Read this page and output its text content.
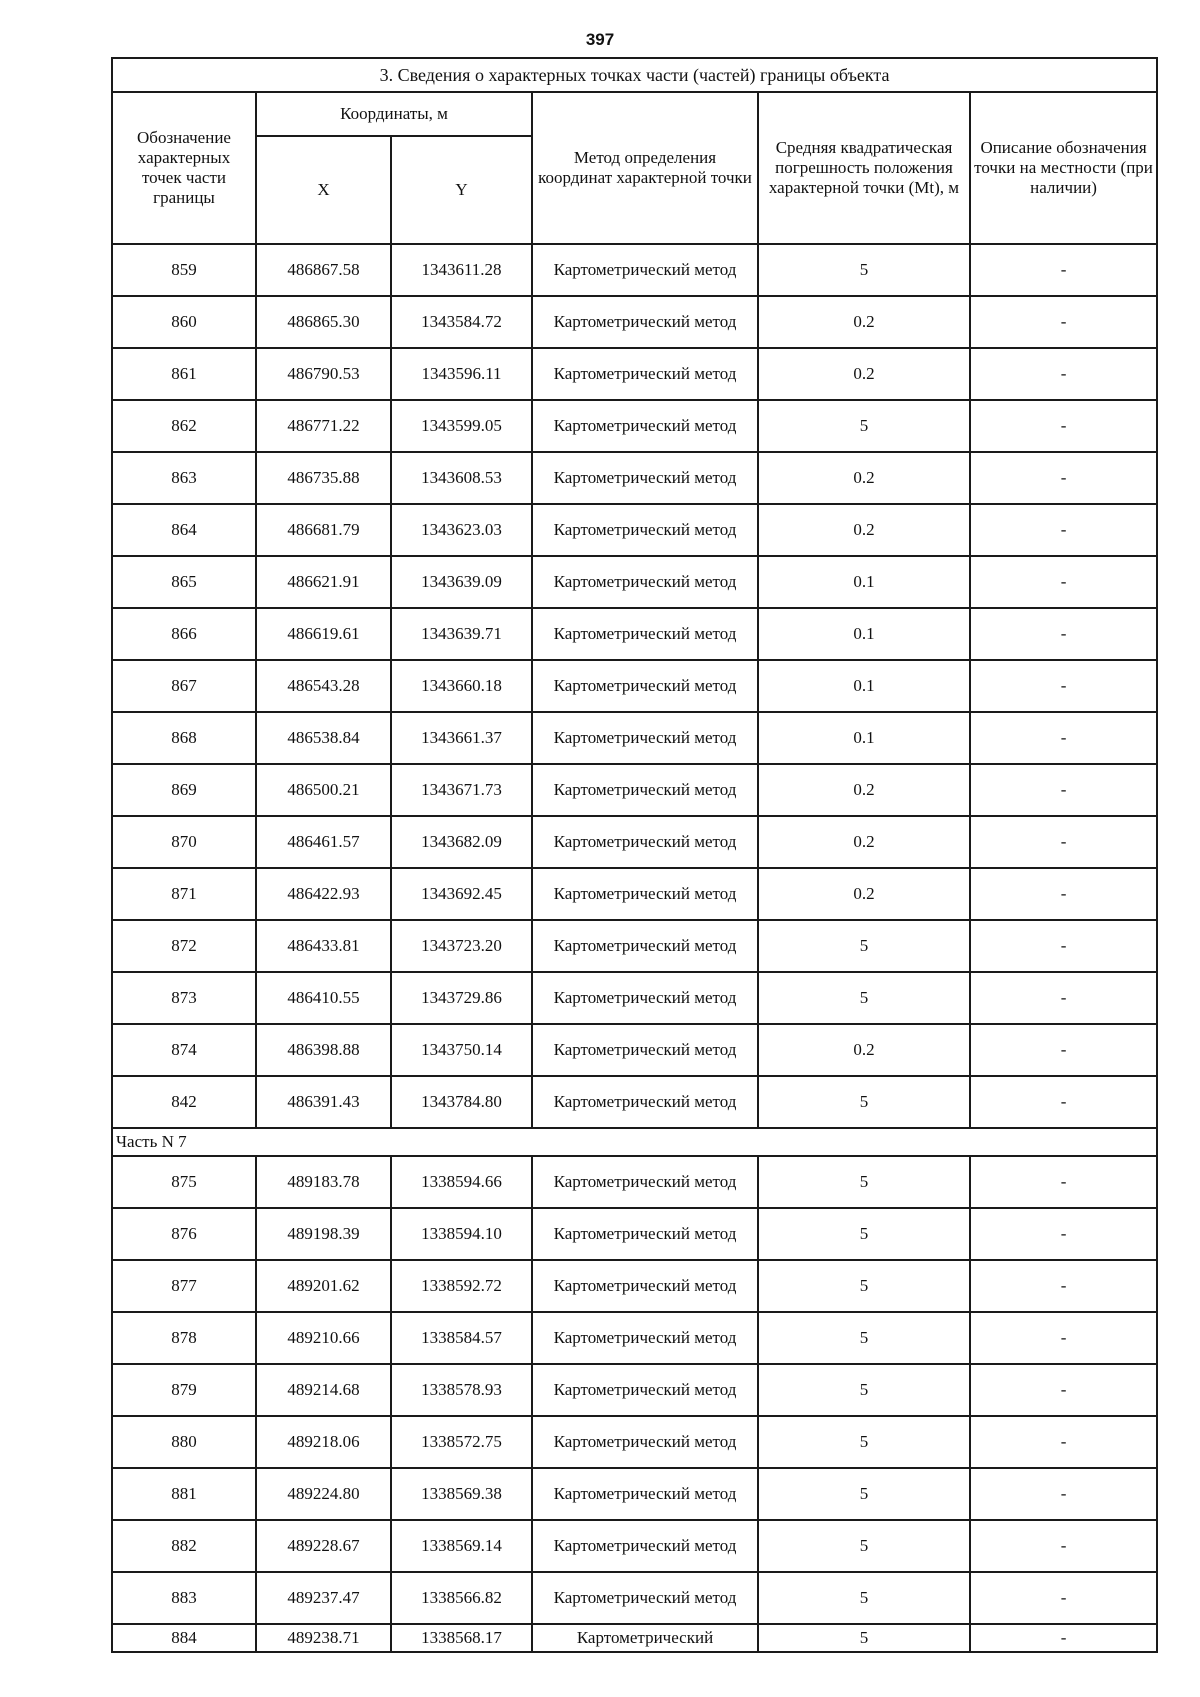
397
3. Сведения о характерных точках части (частей) границы объекта					
Обозначение характерных точек части границы	Координаты, м		Метод определения координат характерной точки	Средняя квадратическая погрешность положения характерной точки (Mt), м	Описание обозначения точки на местности (при наличии)
	X	Y			
859	486867.58	1343611.28	Картометрический метод	5	-
860	486865.30	1343584.72	Картометрический метод	0.2	-
861	486790.53	1343596.11	Картометрический метод	0.2	-
862	486771.22	1343599.05	Картометрический метод	5	-
863	486735.88	1343608.53	Картометрический метод	0.2	-
864	486681.79	1343623.03	Картометрический метод	0.2	-
865	486621.91	1343639.09	Картометрический метод	0.1	-
866	486619.61	1343639.71	Картометрический метод	0.1	-
867	486543.28	1343660.18	Картометрический метод	0.1	-
868	486538.84	1343661.37	Картометрический метод	0.1	-
869	486500.21	1343671.73	Картометрический метод	0.2	-
870	486461.57	1343682.09	Картометрический метод	0.2	-
871	486422.93	1343692.45	Картометрический метод	0.2	-
872	486433.81	1343723.20	Картометрический метод	5	-
873	486410.55	1343729.86	Картометрический метод	5	-
874	486398.88	1343750.14	Картометрический метод	0.2	-
842	486391.43	1343784.80	Картометрический метод	5	-
Часть N 7					
875	489183.78	1338594.66	Картометрический метод	5	-
876	489198.39	1338594.10	Картометрический метод	5	-
877	489201.62	1338592.72	Картометрический метод	5	-
878	489210.66	1338584.57	Картометрический метод	5	-
879	489214.68	1338578.93	Картометрический метод	5	-
880	489218.06	1338572.75	Картометрический метод	5	-
881	489224.80	1338569.38	Картометрический метод	5	-
882	489228.67	1338569.14	Картометрический метод	5	-
883	489237.47	1338566.82	Картометрический метод	5	-
884	489238.71	1338568.17	Картометрический	5	-
